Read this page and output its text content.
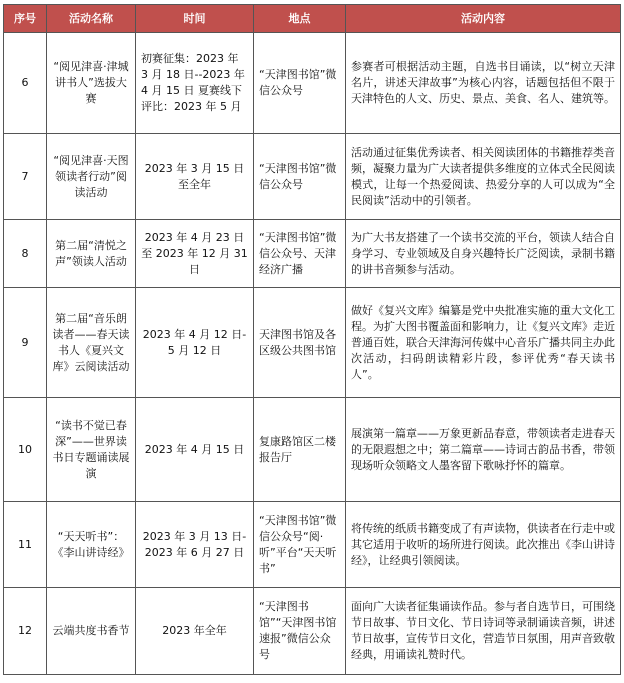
序号	活动名称	时间	地点	活动内容
6	“阅见津喜·津城讲书人”选拔大赛	初赛征集：2023 年 3 月 18 日--2023 年 4 月 15 日 夏赛线下评比：2023 年 5 月	“天津图书馆”微信公众号	参赛者可根据活动主题，自选书目诵读，以“树立天津名片，讲述天津故事”为核心内容，话题包括但不限于天津特色的人文、历史、景点、美食、名人、建筑等。
7	“阅见津喜·天图领读者行动”阅读活动	2023 年 3 月 15 日至全年	“天津图书馆”微信公众号	活动通过征集优秀读者、相关阅读团体的书籍推荐类音频，凝聚力量为广大读者提供多维度的立体式全民阅读模式，让每一个热爱阅读、热爱分享的人可以成为“全民阅读”活动中的引领者。
8	第二届“清悦之声”领读人活动	2023 年 4 月 23 日至 2023 年 12 月 31 日	“天津图书馆”微信公众号、天津经济广播	为广大书友搭建了一个读书交流的平台，领读人结合自身学习、专业领域及自身兴趣特长广泛阅读，录制书籍的讲书音频参与活动。
9	第二届“音乐朗读者——春天读书人《夏兴文库》云阅读活动	2023 年 4 月 12 日-5 月 12 日	天津图书馆及各区级公共图书馆	做好《复兴文库》编纂是党中央批准实施的重大文化工程。为扩大图书覆盖面和影响力，让《复兴文库》走近普通百姓，联合天津海河传媒中心音乐广播共同主办此次活动，扫码朗读精彩片段，参评优秀“春天读书人”。
10	“读书不觉已春深”——世界读书日专题诵读展演	2023 年 4 月 15 日	复康路馆区二楼报告厅	展演第一篇章——万象更新品春意，带领读者走进春天的无限遐想之中；第二篇章——诗词古韵品书香，带领现场听众领略文人墨客留下歌咏抒怀的篇章。
11	“天天听书”：《李山讲诗经》	2023 年 3 月 13 日-2023 年 6 月 27 日	“天津图书馆”微信公众号“阅·听”平台“天天听书”	将传统的纸质书籍变成了有声读物，供读者在行走中或其它适用于收听的场所进行阅读。此次推出《李山讲诗经》，让经典引领阅读。
12	云端共度书香节	2023 年全年	“天津图书馆”“天津图书馆速报”微信公众号	面向广大读者征集诵读作品。参与者自选节日，可围绕节日故事、节日文化、节日诗词等录制诵读音频，讲述节日故事，宣传节日文化，营造节日氛围，用声音致敬经典，用诵读礼赞时代。
